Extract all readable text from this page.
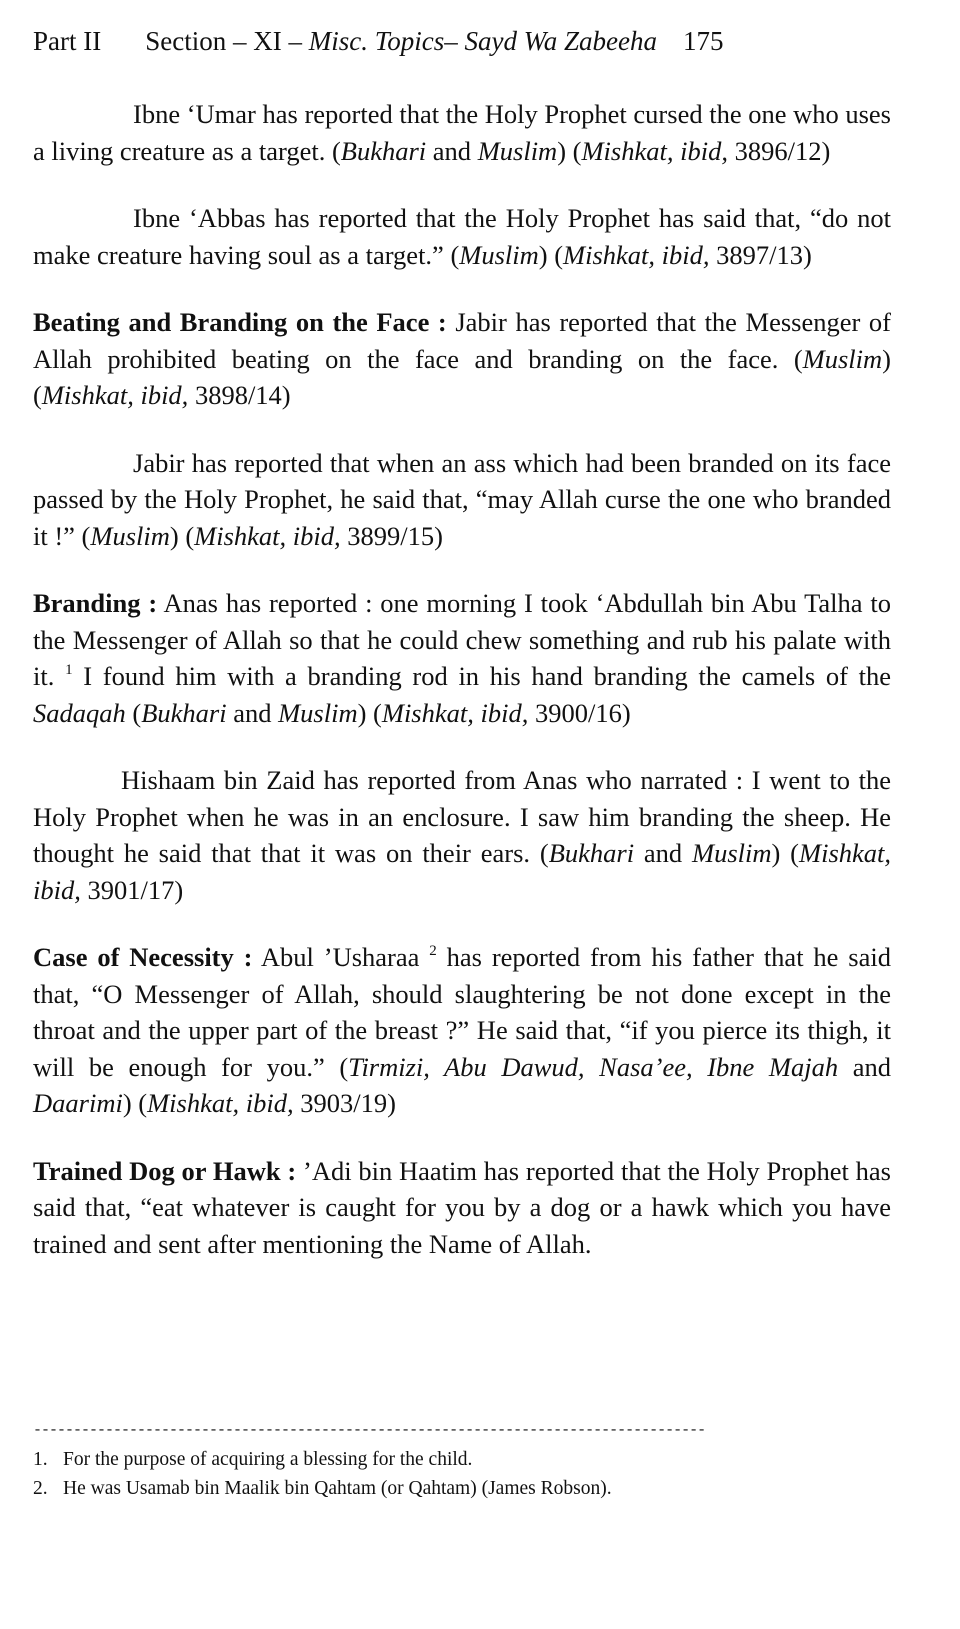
Part II Section – XI – Misc. Topics– Sayd Wa Zabeeha 175

Ibne ‘Umar has reported that the Holy Prophet cursed the one who uses a living creature as a target. (Bukhari and Muslim) (Mishkat, ibid, 3896/12)

Ibne ‘Abbas has reported that the Holy Prophet has said that, “do not make creature having soul as a target.” (Muslim) (Mishkat, ibid, 3897/13)

Beating and Branding on the Face : Jabir has reported that the Messenger of Allah prohibited beating on the face and branding on the face. (Muslim) (Mishkat, ibid, 3898/14)

Jabir has reported that when an ass which had been branded on its face passed by the Holy Prophet, he said that, “may Allah curse the one who branded it !” (Muslim) (Mishkat, ibid, 3899/15)

Branding : Anas has reported : one morning I took ‘Abdullah bin Abu Talha to the Messenger of Allah so that he could chew something and rub his palate with it. $^1$ I found him with a branding rod in his hand branding the camels of the Sadaqah (Bukhari and Muslim) (Mishkat, ibid, 3900/16)

Hishaam bin Zaid has reported from Anas who narrated : I went to the Holy Prophet when he was in an enclosure. I saw him branding the sheep. He thought he said that that it was on their ears. (Bukhari and Muslim) (Mishkat, ibid, 3901/17)

Case of Necessity : Abul ’Usharaa $^2$ has reported from his father that he said that, “O Messenger of Allah, should slaughtering be not done except in the throat and the upper part of the breast ?” He said that, “if you pierce its thigh, it will be enough for you.” (Tirmizi, Abu Dawud, Nasa’ee, Ibne Majah and Daarimi) (Mishkat, ibid, 3903/19)

Trained Dog or Hawk : ’Adi bin Haatim has reported that the Holy Prophet has said that, “eat whatever is caught for you by a dog or a hawk which you have trained and sent after mentioning the Name of Allah.

------------------------------------------------------------------------------------

1. For the purpose of acquiring a blessing for the child.

2. He was Usamab bin Maalik bin Qahtam (or Qahtam) (James Robson).
